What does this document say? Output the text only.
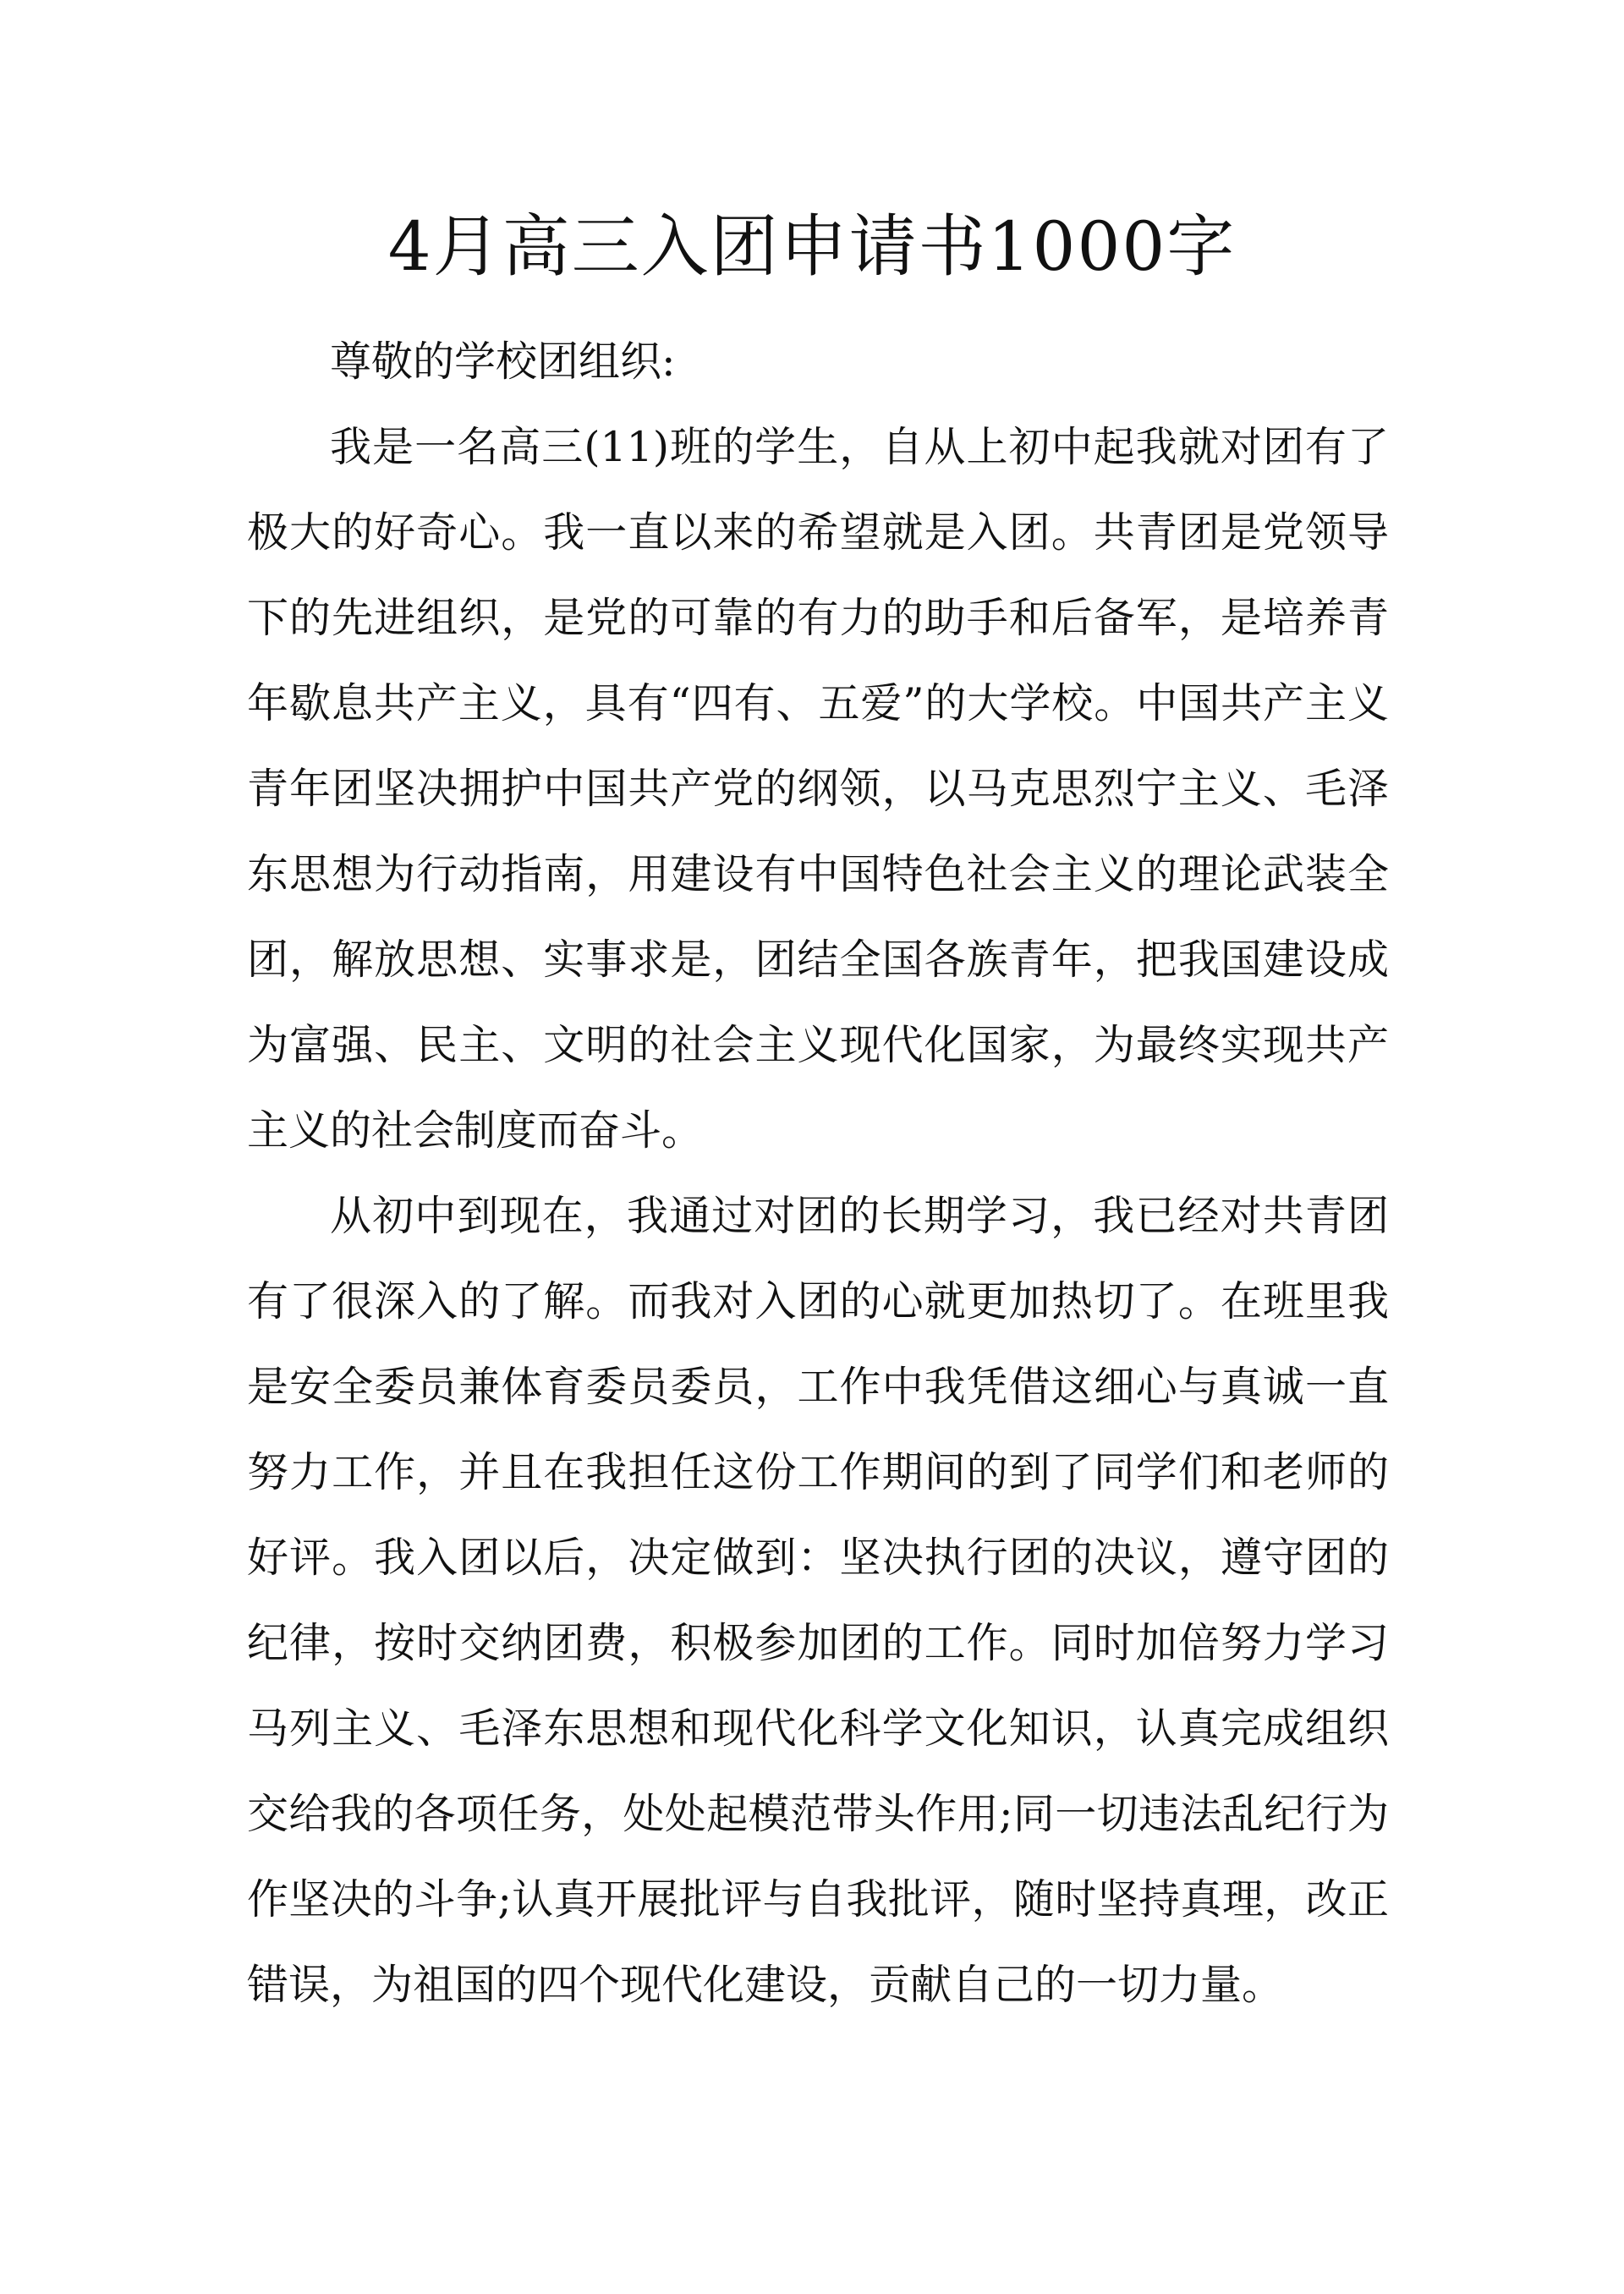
4月高三入团申请书1000字

尊敬的学校团组织:

我是一名高三(11)班的学生，自从上初中起我就对团有了极大的好奇心。我一直以来的希望就是入团。共青团是党领导下的先进组织，是党的可靠的有力的助手和后备军，是培养青年歇息共产主义，具有“四有、五爱”的大学校。中国共产主义青年团坚决拥护中国共产党的纲领，以马克思烈宁主义、毛泽东思想为行动指南，用建设有中国特色社会主义的理论武装全团，解放思想、实事求是，团结全国各族青年，把我国建设成为富强、民主、文明的社会主义现代化国家，为最终实现共产主义的社会制度而奋斗。

从初中到现在，我通过对团的长期学习，我已经对共青团有了很深入的了解。而我对入团的心就更加热切了。在班里我是安全委员兼体育委员委员，工作中我凭借这细心与真诚一直努力工作，并且在我担任这份工作期间的到了同学们和老师的好评。我入团以后，决定做到：坚决执行团的决议，遵守团的纪律，按时交纳团费，积极参加团的工作。同时加倍努力学习马列主义、毛泽东思想和现代化科学文化知识，认真完成组织交给我的各项任务，处处起模范带头作用;同一切违法乱纪行为作坚决的斗争;认真开展批评与自我批评，随时坚持真理，改正错误，为祖国的四个现代化建设，贡献自己的一切力量。
